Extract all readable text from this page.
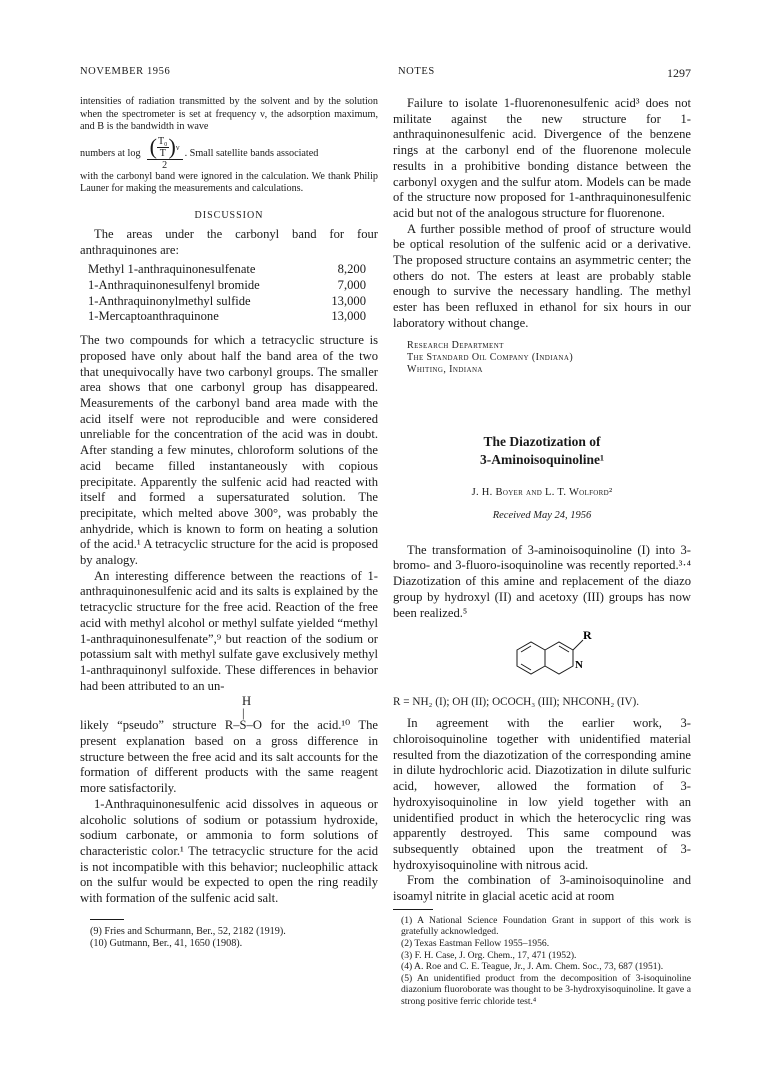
NOVEMBER 1956	NOTES	1297

intensities of radiation transmitted by the solvent and by the solution when the spectrometer is set at frequency ν, the adsorption maximum, and B is the bandwidth in wave

numbers at log ( $\frac{\text{T₀}}{T}$ ) ν
2
. Small satellite bands associated

with the carbonyl band were ignored in the calculation. We thank Philip Launer for making the measurements and calculations.

DISCUSSION

The areas under the carbonyl band for four anthraquinones are:

Methyl 1-anthraquinonesulfenate	8,200
1-Anthraquinonesulfenyl bromide	7,000
1-Anthraquinonylmethyl sulfide	13,000
1-Mercaptoanthraquinone	13,000

The two compounds for which a tetracyclic structure is proposed have only about half the band area of the two that unequivocally have two carbonyl groups. The smaller area shows that one carbonyl group has disappeared. Measurements of the carbonyl band area made with the acid itself were not reproducible and were considered unreliable for the concentration of the acid was in doubt. After standing a few minutes, chloroform solutions of the acid became filled instantaneously with copious precipitate. Apparently the sulfenic acid had reacted with itself and formed a supersaturated solution. The precipitate, which melted above 300°, was probably the anhydride, which is known to form on heating a solution of the acid.¹ A tetracyclic structure for the acid is proposed by analogy.

An interesting difference between the reactions of 1-anthraquinonesulfenic acid and its salts is explained by the tetracyclic structure for the free acid. Reaction of the free acid with methyl alcohol or methyl sulfate yielded “methyl 1-anthraquinonesulfenate”,⁹ but reaction of the sodium or potassium salt with methyl sulfate gave exclusively methyl 1-anthraquinonyl sulfoxide. These differences in behavior had been attributed to an un-

H
|

likely “pseudo” structure R–S–O for the acid.¹⁰ The present explanation based on a gross difference in structure between the free acid and its salt accounts for the formation of different products with the same reagent more satisfactorily.

1-Anthraquinonesulfenic acid dissolves in aqueous or alcoholic solutions of sodium or potassium hydroxide, sodium carbonate, or ammonia to form solutions of characteristic color.¹ The tetracyclic structure for the acid is not incompatible with this behavior; nucleophilic attack on the sulfur would be expected to open the ring readily with formation of the sulfenic acid salt.

(9) Fries and Schurmann, Ber., 52, 2182 (1919).
(10) Gutmann, Ber., 41, 1650 (1908).

Failure to isolate 1-fluorenonesulfenic acid³ does not militate against the new structure for 1-anthraquinonesulfenic acid. Divergence of the benzene rings at the carbonyl end of the fluorenone molecule results in a prohibitive bonding distance between the carbonyl oxygen and the sulfur atom. Models can be made of the structure now proposed for 1-anthraquinonesulfenic acid but not of the analogous structure for fluorenone.

A further possible method of proof of structure would be optical resolution of the sulfenic acid or a derivative. The proposed structure contains an asymmetric center; the others do not. The esters at least are probably stable enough to survive the necessary handling. The methyl ester has been refluxed in ethanol for six hours in our laboratory without change.

Research Department
The Standard Oil Company (Indiana)
Whiting, Indiana
The Diazotization of
3-Aminoisoquinoline¹
J. H. Boyer and L. T. Wolford²
Received May 24, 1956

The transformation of 3-aminoisoquinoline (I) into 3-bromo- and 3-fluoro-isoquinoline was recently reported.³·⁴ Diazotization of this amine and replacement of the diazo group by hydroxyl (II) and acetoxy (III) groups has now been realized.⁵

R
N
R = NH₂ (I); OH (II); OCOCH₃ (III); NHCONH₂ (IV).

In agreement with the earlier work, 3-chloroisoquinoline together with unidentified material resulted from the diazotization of the corresponding amine in dilute hydrochloric acid. Diazotization in dilute sulfuric acid, however, allowed the formation of 3-hydroxyisoquinoline in low yield together with an unidentified product in which the heterocyclic ring was apparently destroyed. This same compound was subsequently obtained upon the treatment of 3-hydroxyisoquinoline with nitrous acid.

From the combination of 3-aminoisoquinoline and isoamyl nitrite in glacial acetic acid at room

(1) A National Science Foundation Grant in support of this work is gratefully acknowledged.

(2) Texas Eastman Fellow 1955–1956.

(3) F. H. Case, J. Org. Chem., 17, 471 (1952).

(4) A. Roe and C. E. Teague, Jr., J. Am. Chem. Soc., 73, 687 (1951).

(5) An unidentified product from the decomposition of 3-isoquinoline diazonium fluoroborate was thought to be 3-hydroxyisoquinoline. It gave a strong positive ferric chloride test.⁴
